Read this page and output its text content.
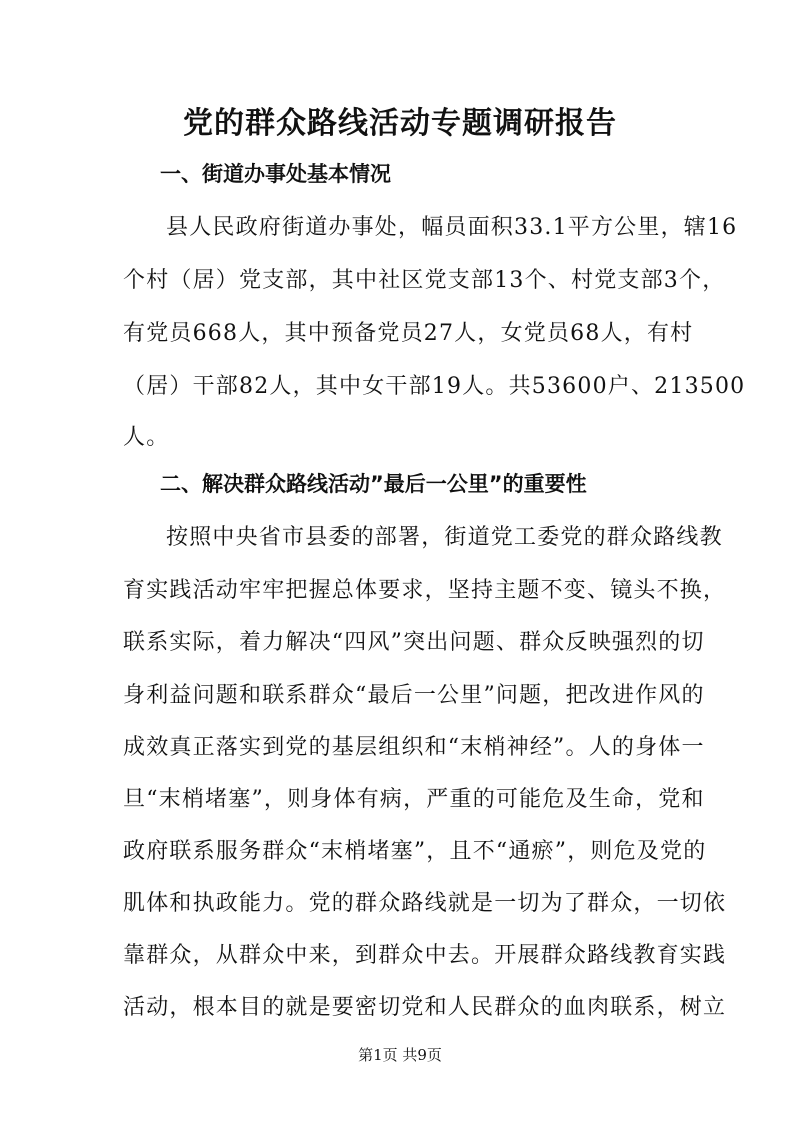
党的群众路线活动专题调研报告
一、街道办事处基本情况
县人民政府街道办事处，幅员面积33.1平方公里，辖16
个村（居）党支部，其中社区党支部13个、村党支部3个，
有党员668人，其中预备党员27人，女党员68人，有村
（居）干部82人，其中女干部19人。共53600户、213500
人。
二、解决群众路线活动”最后一公里”的重要性
按照中央省市县委的部署，街道党工委党的群众路线教
育实践活动牢牢把握总体要求，坚持主题不变、镜头不换，
联系实际，着力解决“四风”突出问题、群众反映强烈的切
身利益问题和联系群众“最后一公里”问题，把改进作风的
成效真正落实到党的基层组织和“末梢神经”。人的身体一
旦“末梢堵塞”，则身体有病，严重的可能危及生命，党和
政府联系服务群众“末梢堵塞”，且不“通瘀”，则危及党的
肌体和执政能力。党的群众路线就是一切为了群众，一切依
靠群众，从群众中来，到群众中去。开展群众路线教育实践
活动，根本目的就是要密切党和人民群众的血肉联系，树立
第1页 共9页
